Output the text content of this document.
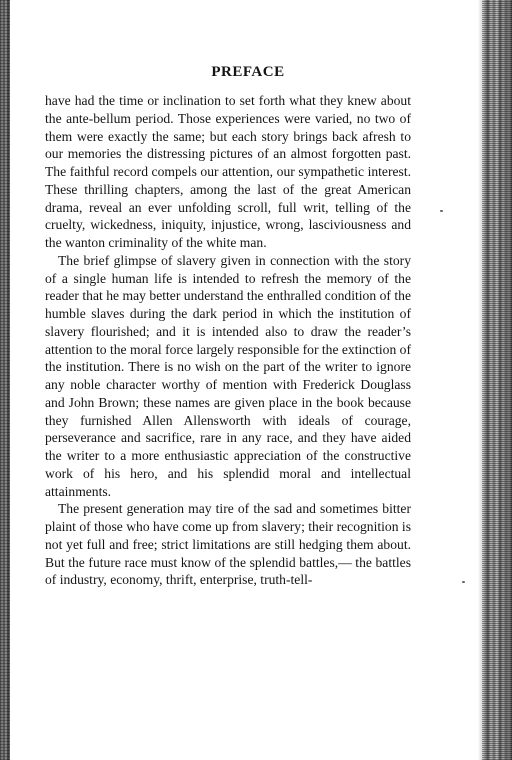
PREFACE

have had the time or inclination to set forth what they knew about the ante-bellum period. Those experiences were varied, no two of them were exactly the same; but each story brings back afresh to our memories the distressing pictures of an almost forgotten past. The faithful record compels our attention, our sympathetic interest. These thrilling chapters, among the last of the great American drama, reveal an ever unfolding scroll, full writ, telling of the cruelty, wickedness, iniquity, injustice, wrong, lasciviousness and the wanton criminality of the white man.

The brief glimpse of slavery given in connection with the story of a single human life is intended to refresh the memory of the reader that he may better understand the enthralled condition of the humble slaves during the dark period in which the institution of slavery flourished; and it is intended also to draw the reader’s attention to the moral force largely responsible for the extinction of the institution. There is no wish on the part of the writer to ignore any noble character worthy of mention with Frederick Douglass and John Brown; these names are given place in the book because they furnished Allen Allensworth with ideals of courage, perseverance and sacrifice, rare in any race, and they have aided the writer to a more enthusiastic appreciation of the constructive work of his hero, and his splendid moral and intellectual attainments.

The present generation may tire of the sad and sometimes bitter plaint of those who have come up from slavery; their recognition is not yet full and free; strict limitations are still hedging them about. But the future race must know of the splendid battles,— the battles of industry, economy, thrift, enterprise, truth-tell-
